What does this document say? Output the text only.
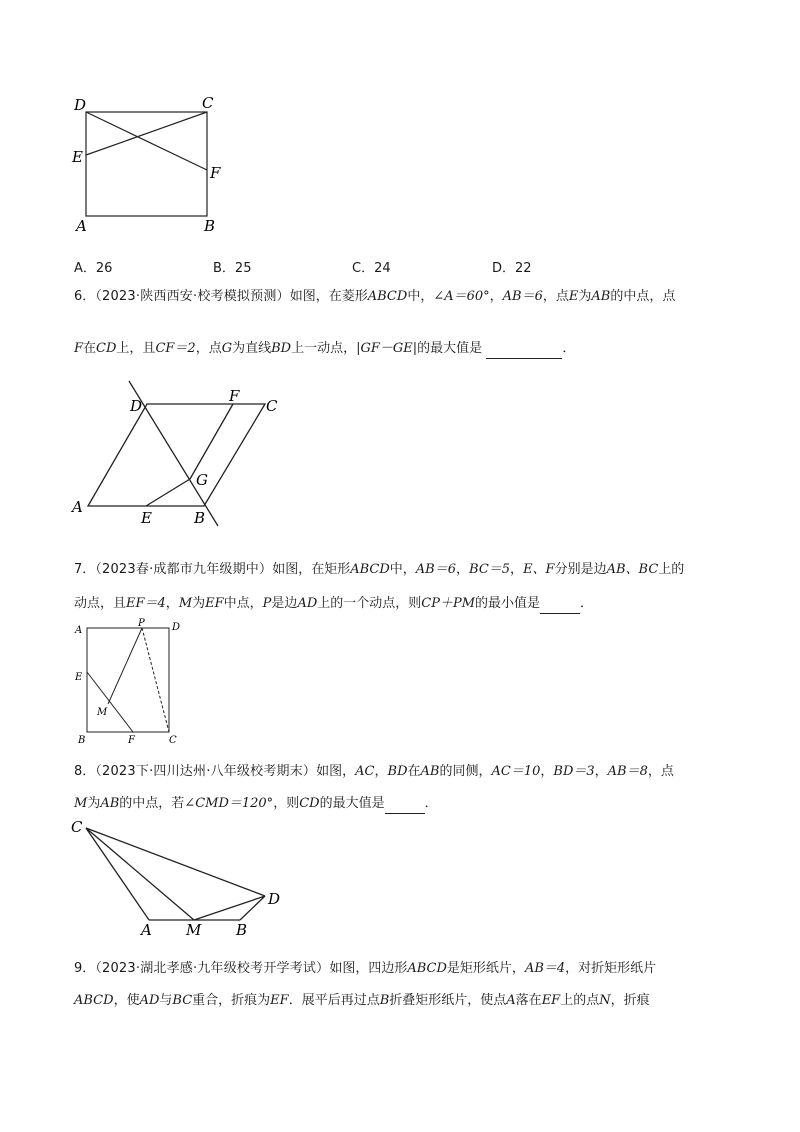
D	C
E
F
A	B
A．26	B．25	C．24	D．22
6．（2023·陕西西安·校考模拟预测）如图，在菱形ABCD中，∠A＝60°，AB＝6，点E为AB的中点，点
F在CD上，且CF＝2，点G为直线BD上一动点，|GF－GE|的最大值是	．
D
F
C
G
A
E	B
7．（2023春·成都市九年级期中）如图，在矩形ABCD中，AB＝6，BC＝5，E、F分别是边AB、BC上的
动点，且EF＝4，M为EF中点，P是边AD上的一个动点，则CP＋PM的最小值是	．
A
P	D
E
M
B	F	C
8．（2023下·四川达州·八年级校考期末）如图，AC，BD在AB的同侧，AC＝10，BD＝3，AB＝8，点
M为AB的中点，若∠CMD＝120°，则CD的最大值是	．
C
D
A M B
9．（2023·湖北孝感·九年级校考开学考试）如图，四边形ABCD是矩形纸片，AB＝4，对折矩形纸片
ABCD，使AD与BC重合，折痕为EF．展平后再过点B折叠矩形纸片，使点A落在EF上的点N，折痕
